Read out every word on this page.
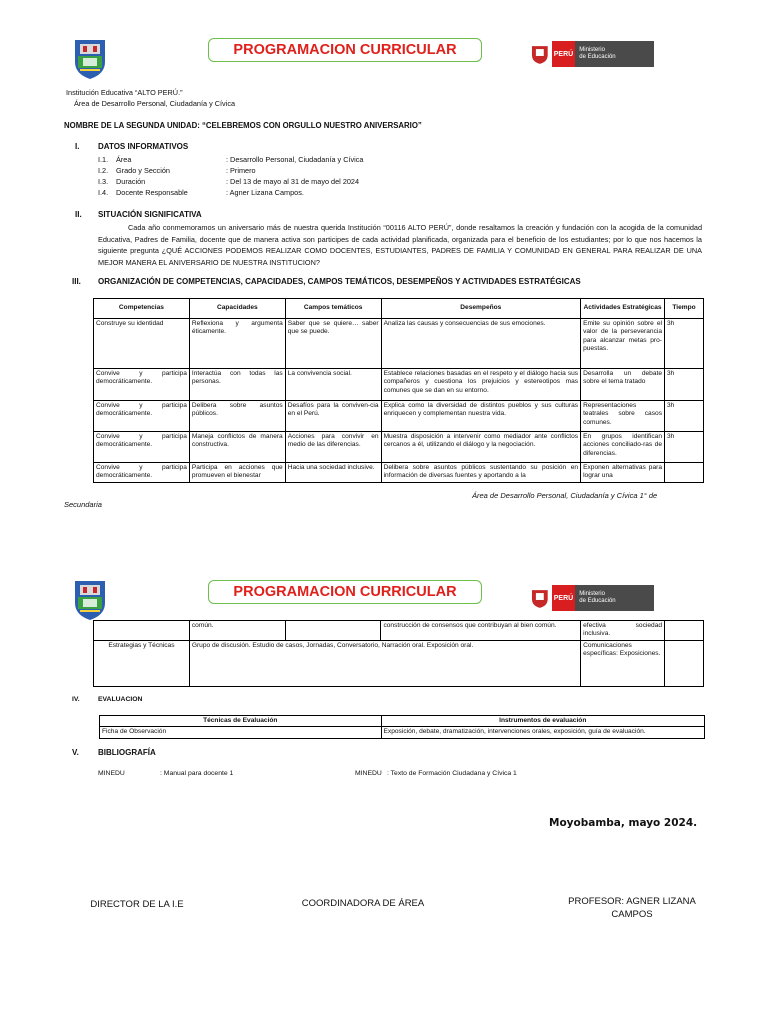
PROGRAMACION CURRICULAR	PERÚ
Ministerio
de Educación
Institución Educativa “ALTO PERÚ.”
Área de Desarrollo Personal, Ciudadanía y Cívica
NOMBRE DE LA SEGUNDA UNIDAD: “CELEBREMOS CON ORGULLO NUESTRO ANIVERSARIO”
I. DATOS INFORMATIVOS
I.1. Área	: Desarrollo Personal, Ciudadanía y Cívica
I.2. Grado y Sección	: Primero
I.3. Duración	: Del 13 de mayo al 31 de mayo del 2024
I.4. Docente Responsable	: Agner Lizana Campos.
II. SITUACIÓN SIGNIFICATIVA
Cada año conmemoramos un aniversario más de nuestra querida Institución “00116 ALTO PERÚ”, donde resaltamos la creación y fundación con la acogida de la comunidad Educativa, Padres de Familia, docente que de manera activa son participes de cada actividad planificada, organizada para el beneficio de los estudiantes; por lo que nos hacemos la siguiente pregunta ¿QUÉ ACCIONES PODEMOS REALIZAR COMO DOCENTES, ESTUDIANTES, PADRES DE FAMILIA Y COMUNIDAD EN GENERAL PARA REALIZAR DE UNA MEJOR MANERA EL ANIVERSARIO DE NUESTRA INSTITUCION?
III. ORGANIZACIÓN DE COMPETENCIAS, CAPACIDADES, CAMPOS TEMÁTICOS, DESEMPEÑOS Y ACTIVIDADES ESTRATÉGICAS
Competencias	Capacidades	Campos temáticos	Desempeños	Actividades Estratégicas	Tiempo
Construye su identidad	Reflexiona y argumenta éticamente.	Saber que se quiere… saber que se puede.	Analiza las causas y consecuencias de sus emociones.	Emite su opinión sobre el valor de la perseverancia para alcanzar metas pro-puestas.	3h
Convive y participa democráticamente.	Interactúa con todas las personas.	La convivencia social.	Establece relaciones basadas en el respeto y el diálogo hacia sus compañeros y cuestiona los prejuicios y estereotipos mas comunes que se dan en su entorno.	Desarrolla un debate sobre el tema tratado	3h
Convive y participa democráticamente.	Delibera sobre asuntos públicos.	Desafíos para la conviven-cia en el Perú.	Explica como la diversidad de distintos pueblos y sus culturas enriquecen y complementan nuestra vida.	Representaciones teatrales sobre casos comunes.	3h
Convive y participa democráticamente.	Maneja conflictos de manera constructiva.	Acciones para convivir en medio de las diferencias.	Muestra disposición a intervenir como mediador ante conflictos cercanos a él, utilizando el diálogo y la negociación.	En grupos identifican acciones conciliado-ras de diferencias.	3h
Convive y participa democráticamente.	Participa en acciones que promueven el bienestar	Hacia una sociedad inclusive.	Delibera sobre asuntos públicos sustentando su posición en información de diversas fuentes y aportando a la	Exponen alternativas para lograr una	
Área de Desarrollo Personal, Ciudadanía y Cívica 1° de
Secundaria
PROGRAMACION CURRICULAR	PERÚ
Ministerio
de Educación
	común.		construcción de consensos que contribuyan al bien común.	efectiva sociedad inclusiva.	
Estrategias y Técnicas	Grupo de discusión. Estudio de casos, Jornadas, Conversatorio, Narración oral. Exposición oral.			Comunicaciones específicas: Exposiciones.	
IV.	EVALUACION
Técnicas de Evaluación	Instrumentos de evaluación
Ficha de Observación	Exposición, debate, dramatización, intervenciones orales, exposición, guía de evaluación.
V. BIBLIOGRAFÍA
MINEDU	: Manual para docente 1	MINEDU : Texto de Formación Ciudadana y Cívica 1
Moyobamba, mayo 2024.
DIRECTOR DE LA I.E	COORDINADORA DE ÁREA	PROFESOR: AGNER LIZANA CAMPOS
